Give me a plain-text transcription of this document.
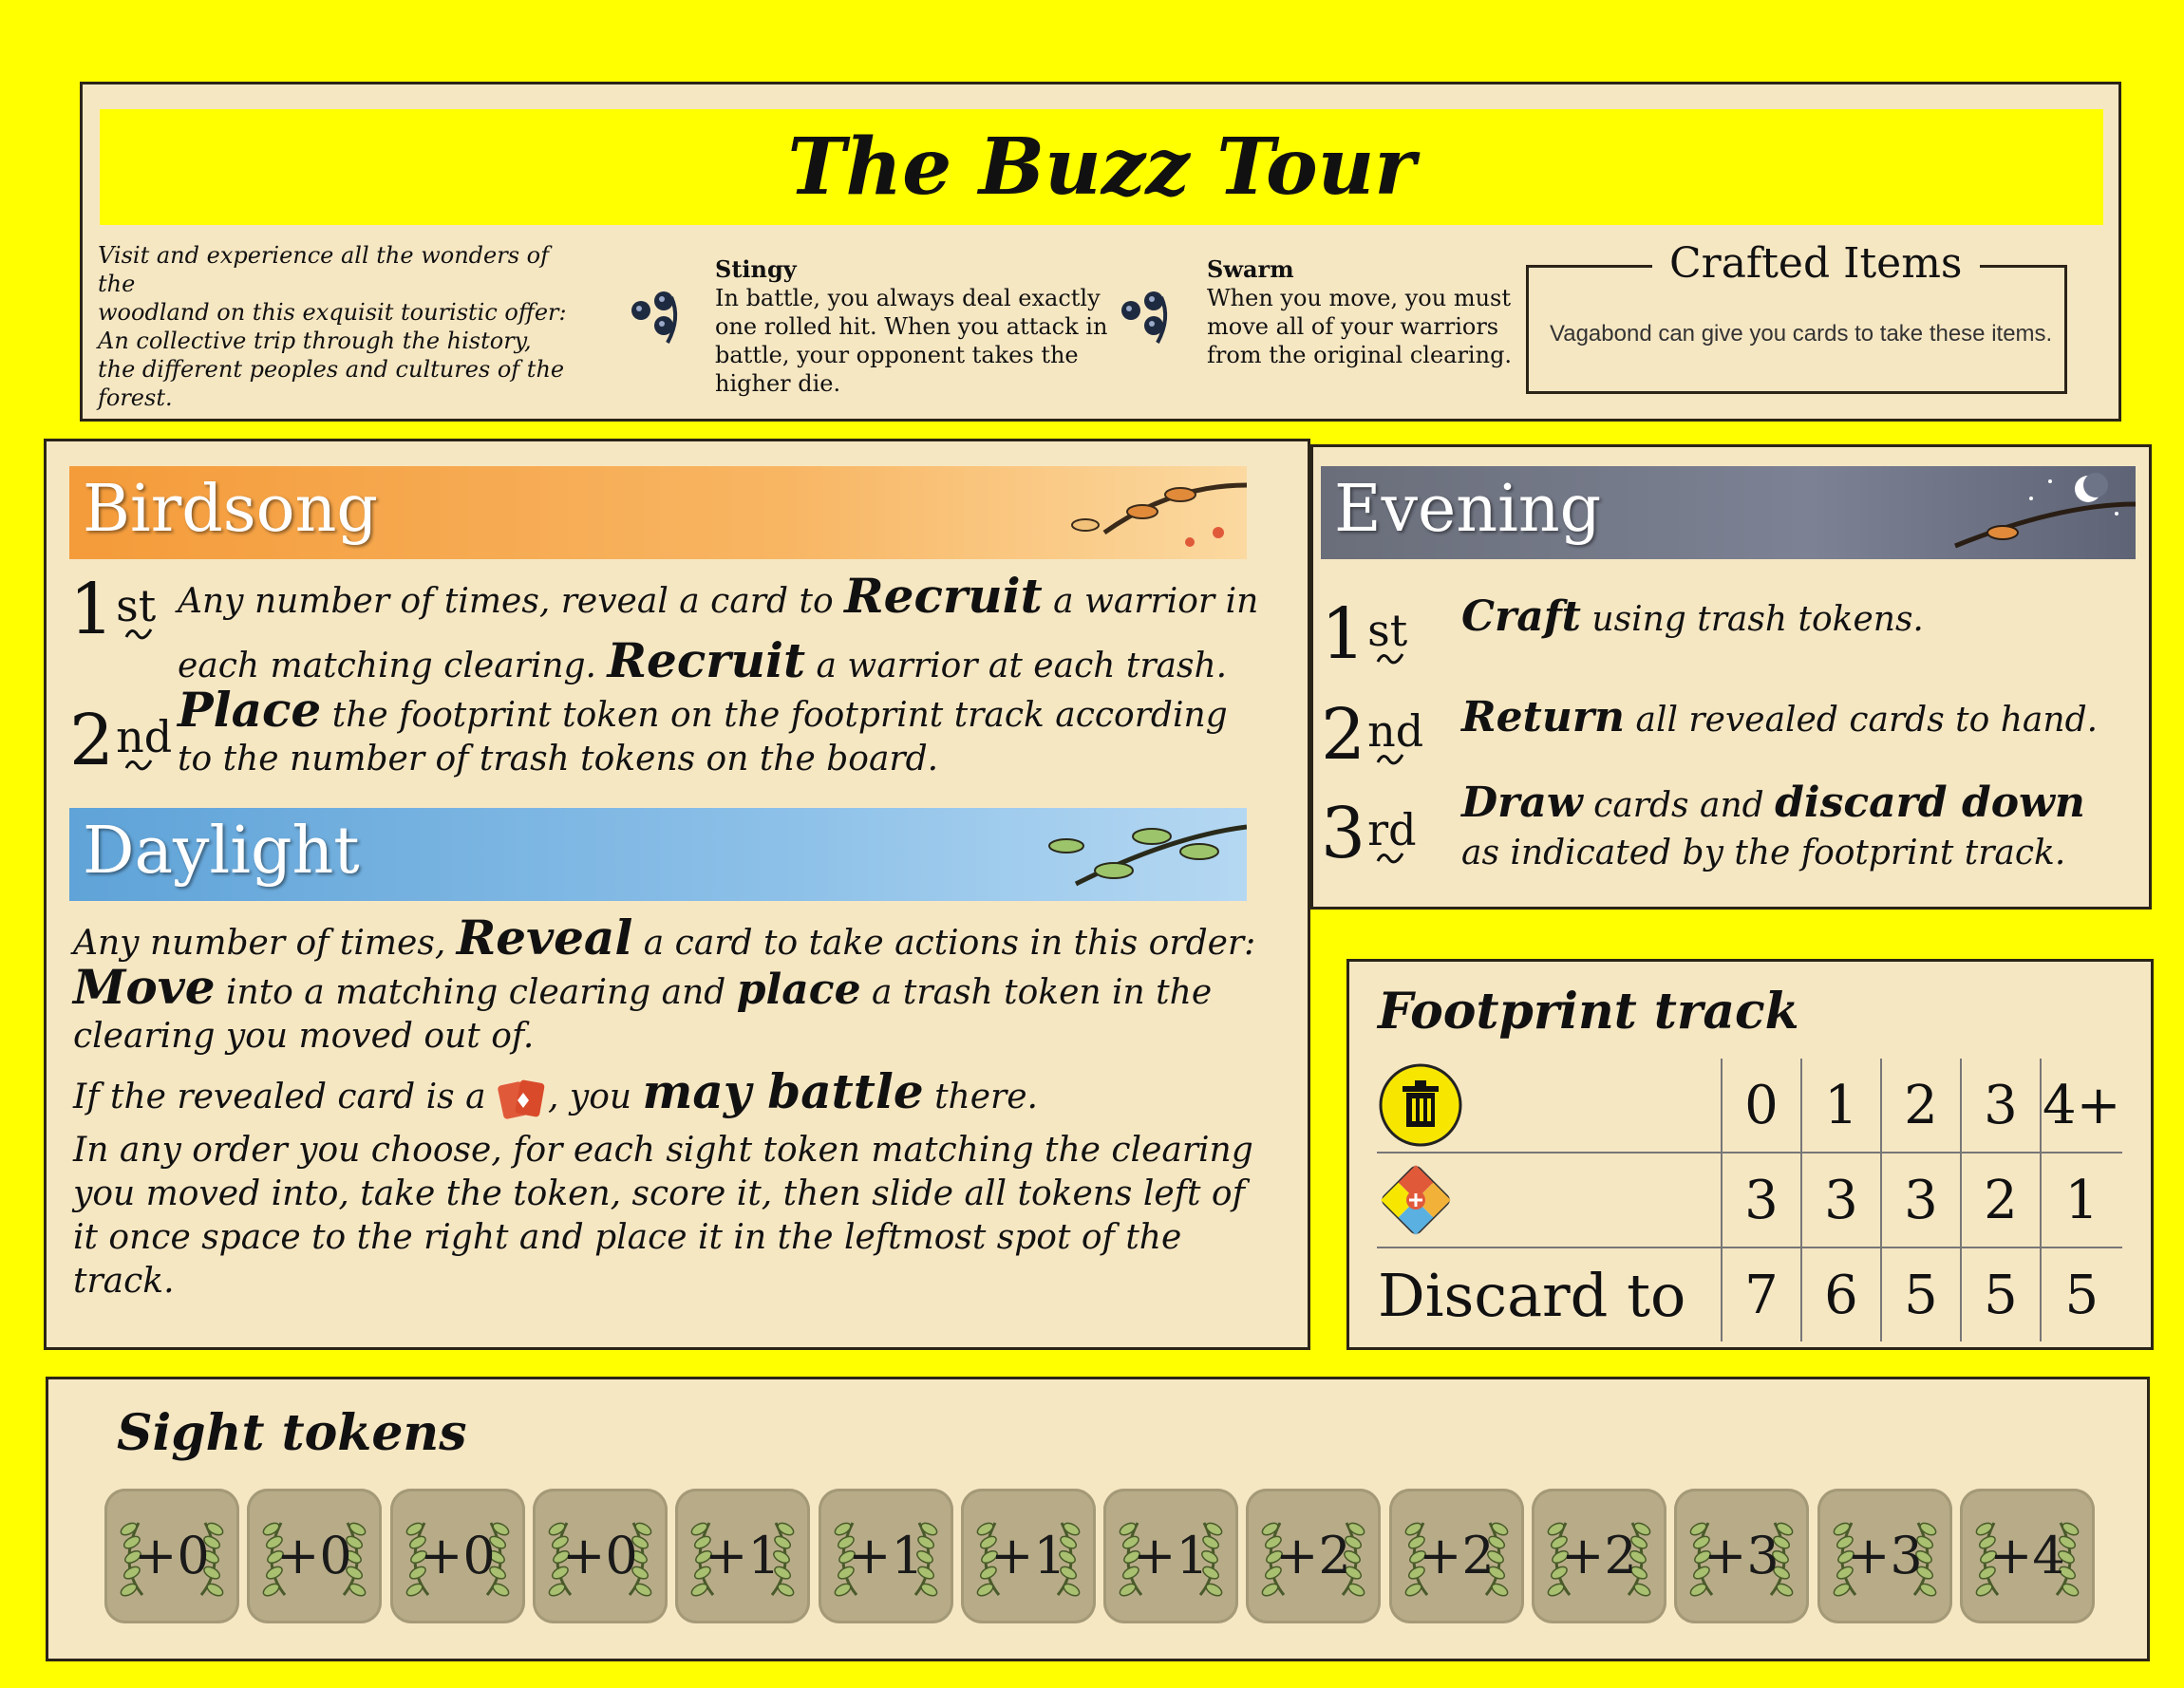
The Buzz Tour
Visit and experience all the wonders of the
woodland on this exquisit touristic offer:
An collective trip through the history,
the different peoples and cultures of the
forest.
Stingy
In battle, you always deal exactly
one rolled hit. When you attack in
battle, your opponent takes the
higher die.
Swarm
When you move, you must
move all of your warriors
from the original clearing.
Crafted Items
Vagabond can give you cards to take these items.
Birdsong
1st Any number of times, reveal a card to Recruit a warrior in
each matching clearing. Recruit a warrior at each trash.
2nd Place the footprint token on the footprint track according
to the number of trash tokens on the board.
Daylight
Any number of times, Reveal a card to take actions in this order:
Move into a matching clearing and place a trash token in the
clearing you moved out of.
If the revealed card is a , you may battle there.
In any order you choose, for each sight token matching the clearing
you moved into, take the token, score it, then slide all tokens left of
it once space to the right and place it in the leftmost spot of the
track.
Evening
1st Craft using trash tokens.
2nd Return all revealed cards to hand.
3rd
Draw cards and discard down
as indicated by the footprint track.
Footprint track
	0	1	2	3	4+
	3	3	3	2	1
Discard to	7	6	5	5	5
Sight tokens
+0	+0	+0	+0	+1	+1	+1	+1	+2	+2	+2	+3	+3	+4
